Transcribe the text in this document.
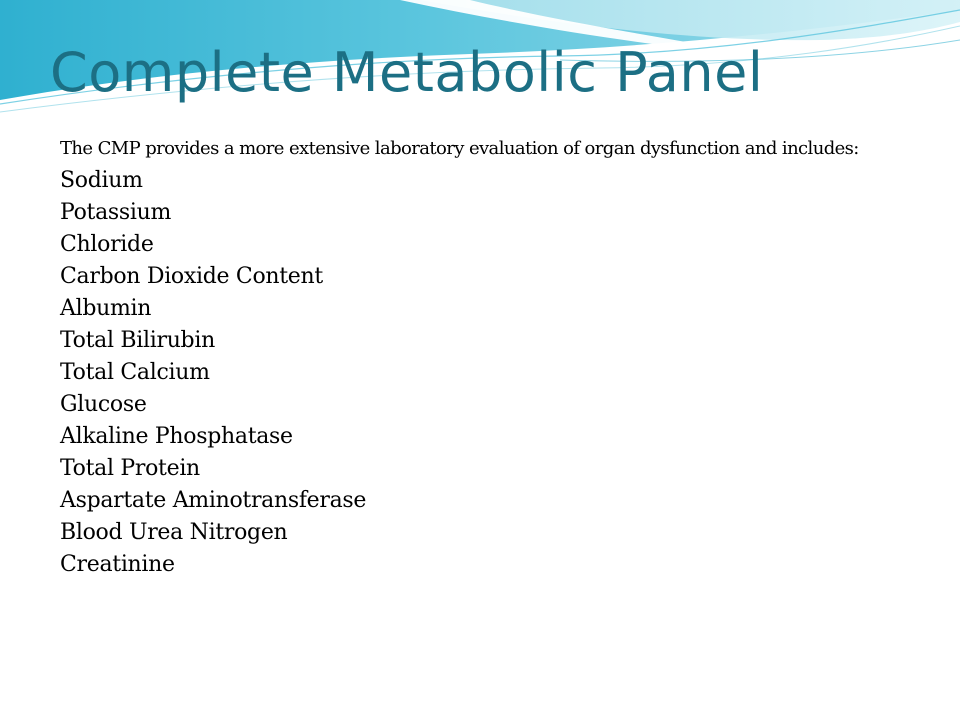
Complete Metabolic Panel

The CMP provides a more extensive laboratory evaluation of organ dysfunction and includes:

Sodium
Potassium
Chloride
Carbon Dioxide Content
Albumin
Total Bilirubin
Total Calcium
Glucose
Alkaline Phosphatase
Total Protein
Aspartate Aminotransferase
Blood Urea Nitrogen
Creatinine
